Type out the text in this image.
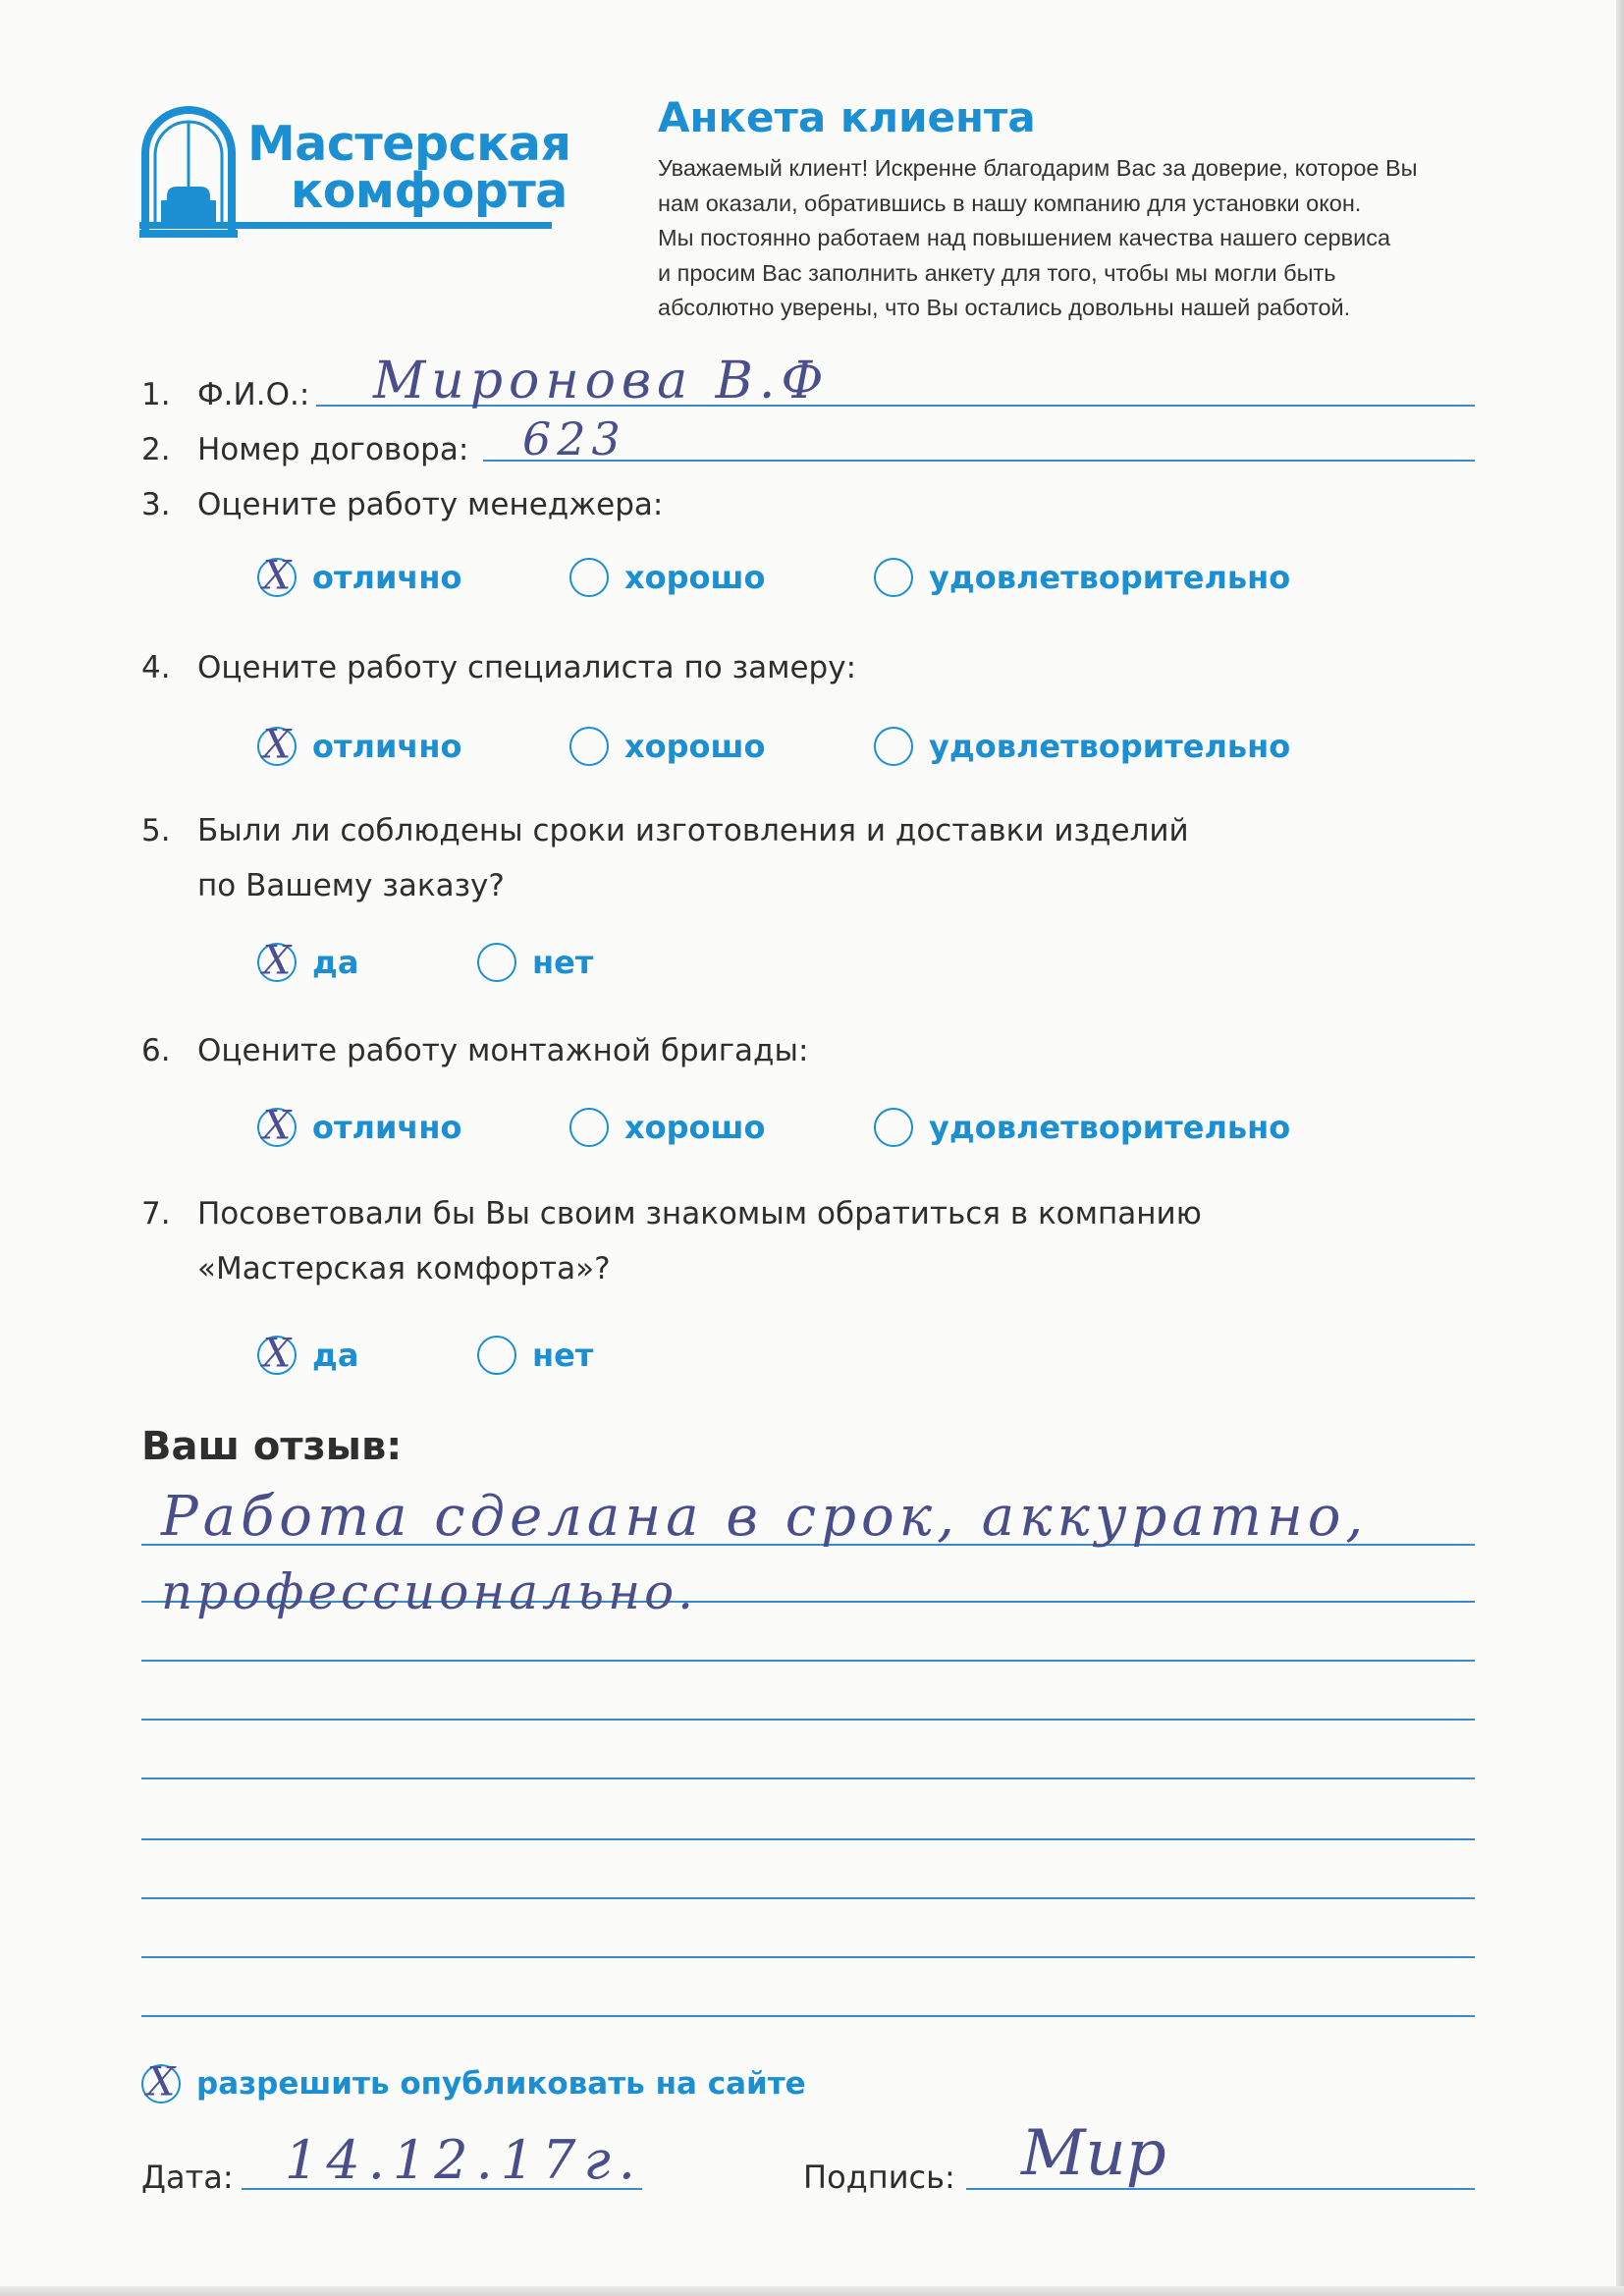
Мастерская
комфорта
Анкета клиента
Уважаемый клиент! Искренне благодарим Вас за доверие, которое Вы
нам оказали, обратившись в нашу компанию для установки окон.
Мы постоянно работаем над повышением качества нашего сервиса
и просим Вас заполнить анкету для того, чтобы мы могли быть
абсолютно уверены, что Вы остались довольны нашей работой.
1. Ф.И.О.: Миронова В.Ф
2. Номер договора: 623
3. Оцените работу менеджера:
X отлично	хорошо	удовлетворительно
4. Оцените работу специалиста по замеру:
X отлично	хорошо	удовлетворительно
5. Были ли соблюдены сроки изготовления и доставки изделий
по Вашему заказу?
X да	нет
6. Оцените работу монтажной бригады:
X отлично	хорошо	удовлетворительно
7. Посоветовали бы Вы своим знакомым обратиться в компанию
«Мастерская комфорта»?
X да	нет
Ваш отзыв:
Работа сделана в срок, аккуратно,
профессионально.
X разрешить опубликовать на сайте
Дата: 14.12.17г.	Подпись: Мир
